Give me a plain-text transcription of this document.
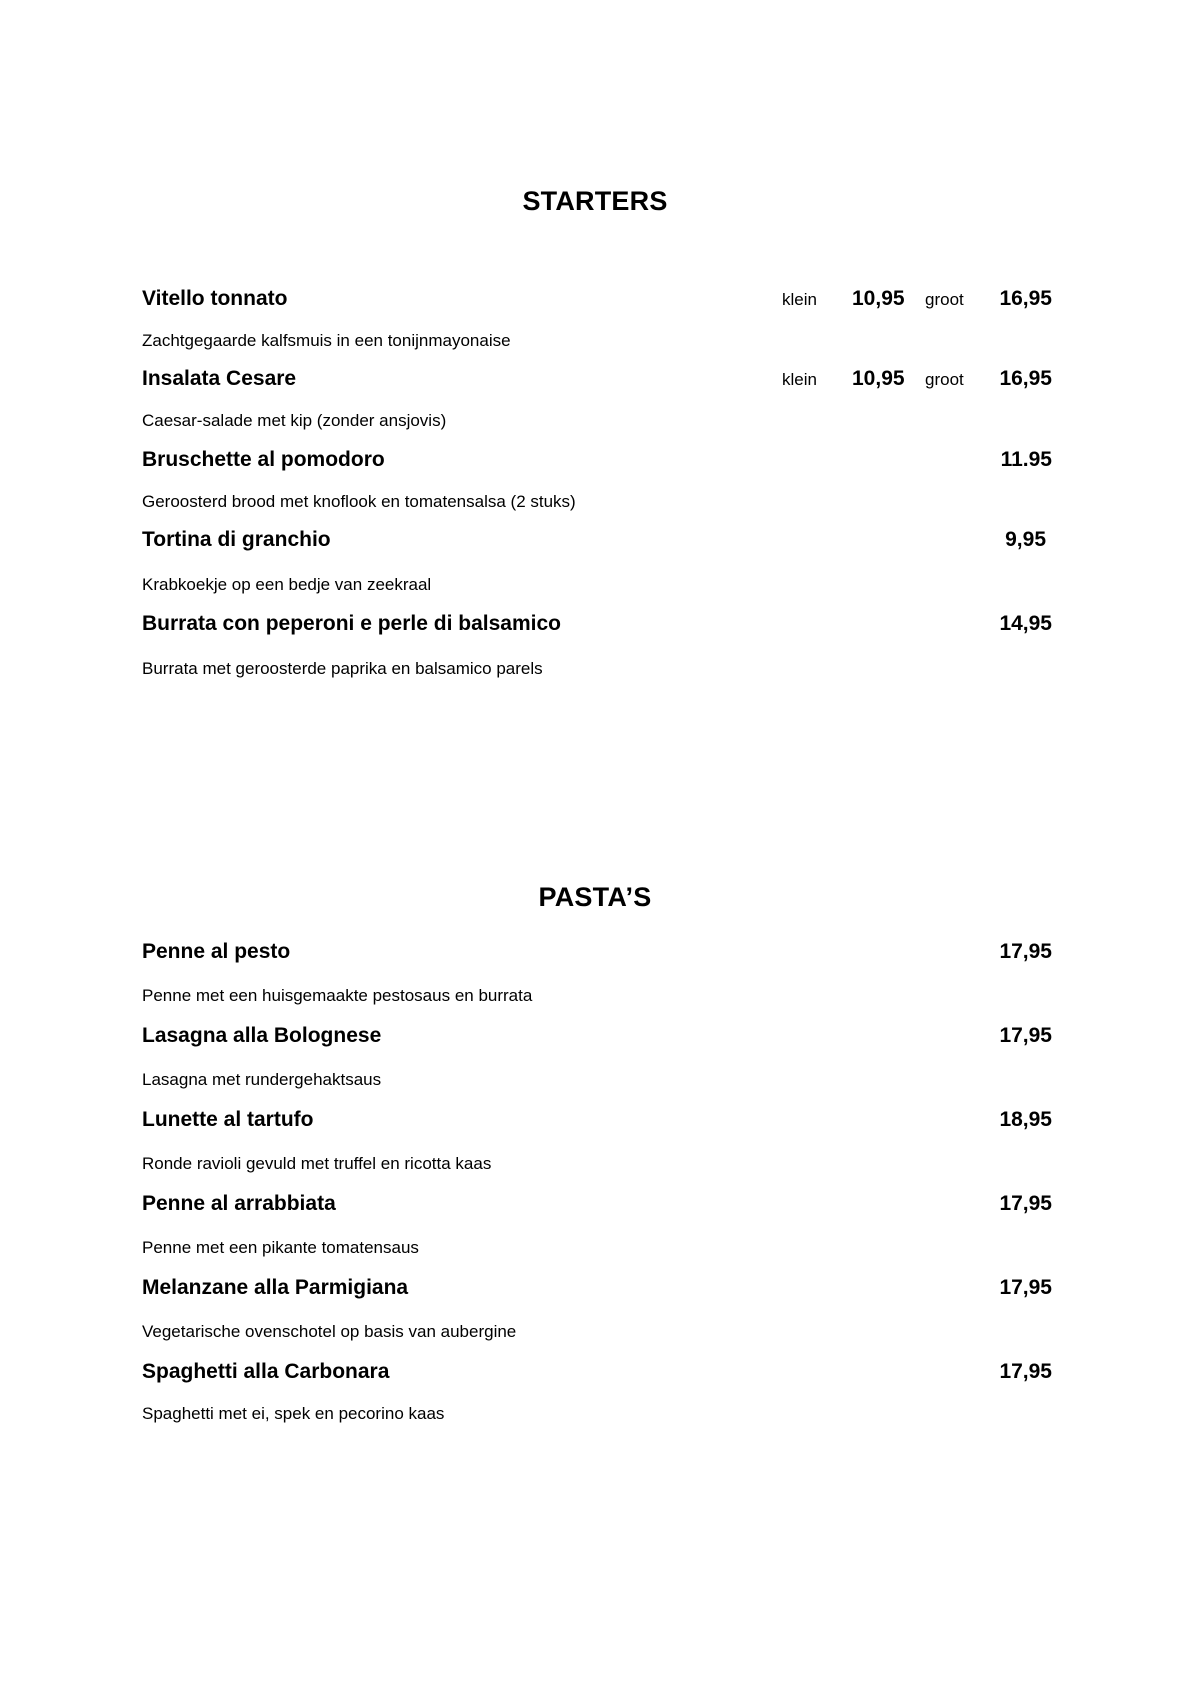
STARTERS
Vitello tonnato	klein 10,95 groot 16,95
Zachtgegaarde kalfsmuis in een tonijnmayonaise
Insalata Cesare	klein 10,95 groot 16,95
Caesar-salade met kip (zonder ansjovis)
Bruschette al pomodoro	11.95
Geroosterd brood met knoflook en tomatensalsa (2 stuks)
Tortina di granchio	9,95
Krabkoekje op een bedje van zeekraal
Burrata con peperoni e perle di balsamico	14,95
Burrata met geroosterde paprika en balsamico parels
PASTA’S
Penne al pesto	17,95
Penne met een huisgemaakte pestosaus en burrata
Lasagna alla Bolognese	17,95
Lasagna met rundergehaktsaus
Lunette al tartufo	18,95
Ronde ravioli gevuld met truffel en ricotta kaas
Penne al arrabbiata	17,95
Penne met een pikante tomatensaus
Melanzane alla Parmigiana	17,95
Vegetarische ovenschotel op basis van aubergine
Spaghetti alla Carbonara	17,95
Spaghetti met ei, spek en pecorino kaas
